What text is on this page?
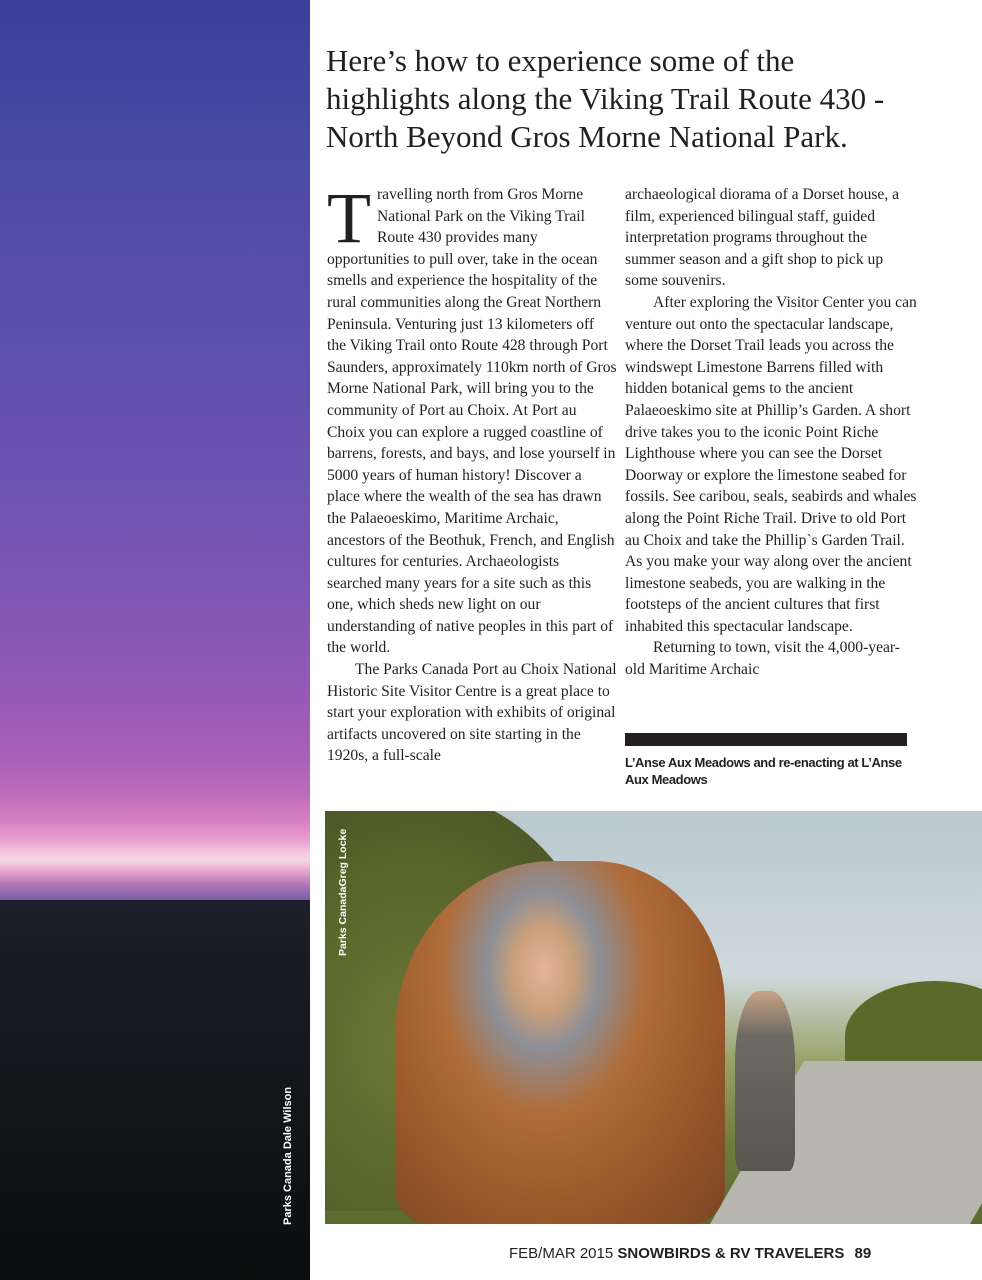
Parks Canada Dale Wilson
Here’s how to experience some of the highlights along the Viking Trail Route 430 - North Beyond Gros Morne National Park.

Travelling north from Gros Morne National Park on the Viking Trail Route 430 provides many opportunities to pull over, take in the ocean smells and experience the hospitality of the rural communities along the Great Northern Peninsula. Venturing just 13 kilometers off the Viking Trail onto Route 428 through Port Saunders, approximately 110km north of Gros Morne National Park, will bring you to the community of Port au Choix. At Port au Choix you can explore a rugged coastline of barrens, forests, and bays, and lose yourself in 5000 years of human history! Discover a place where the wealth of the sea has drawn the Palaeoeskimo, Maritime Archaic, ancestors of the Beothuk, French, and English cultures for centuries. Archaeologists searched many years for a site such as this one, which sheds new light on our understanding of native peoples in this part of the world.

The Parks Canada Port au Choix National Historic Site Visitor Centre is a great place to start your exploration with exhibits of original artifacts uncovered on site starting in the 1920s, a full-scale

archaeological diorama of a Dorset house, a film, experienced bilingual staff, guided interpretation programs throughout the summer season and a gift shop to pick up some souvenirs.

After exploring the Visitor Center you can venture out onto the spectacular landscape, where the Dorset Trail leads you across the windswept Limestone Barrens filled with hidden botanical gems to the ancient Palaeoeskimo site at Phillip’s Garden. A short drive takes you to the iconic Point Riche Lighthouse where you can see the Dorset Doorway or explore the limestone seabed for fossils. See caribou, seals, seabirds and whales along the Point Riche Trail. Drive to old Port au Choix and take the Phillip`s Garden Trail. As you make your way along over the ancient limestone seabeds, you are walking in the footsteps of the ancient cultures that first inhabited this spectacular landscape.

Returning to town, visit the 4,000-year-old Maritime Archaic

L’Anse Aux Meadows and re-enacting at L’Anse Aux Meadows
Parks CanadaGreg Locke
FEB/MAR 2015 SNOWBIRDS & RV TRAVELERS 89
